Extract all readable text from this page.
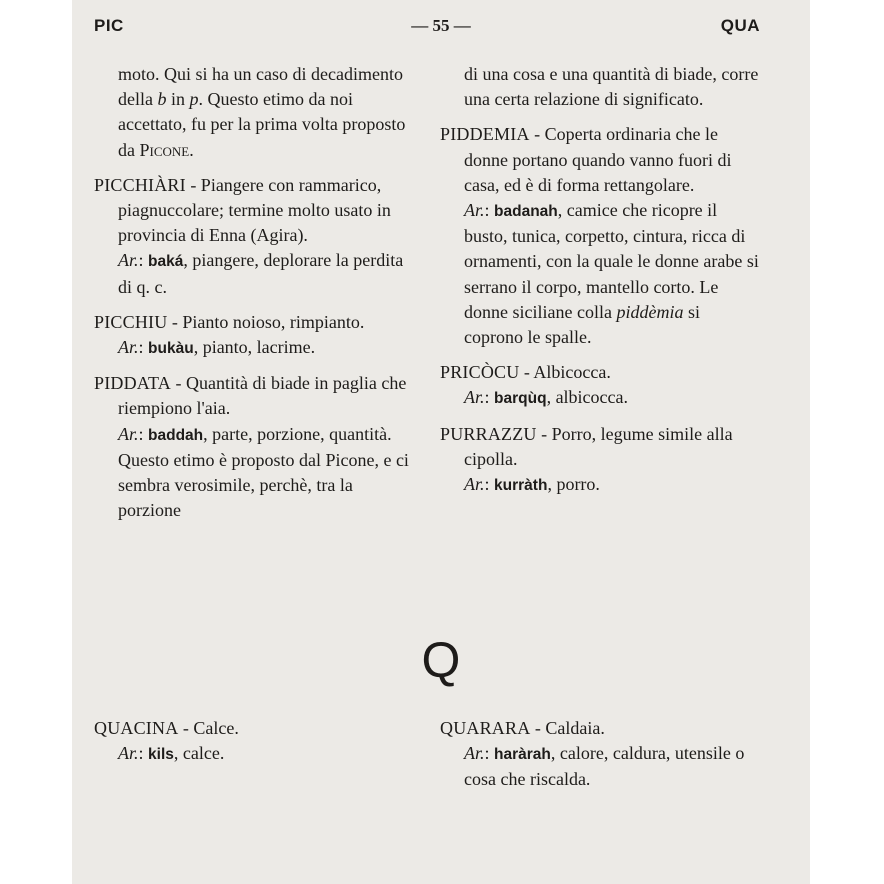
PIC	— 55 —	QUA

moto. Qui si ha un caso di decadimento della b in p. Questo etimo da noi accettato, fu per la prima volta proposto da Picone.

PICCHIÀRI - Piangere con rammarico, piagnuccolare; termine molto usato in provincia di Enna (Agira).

Ar.: baká, piangere, deplorare la perdita di q. c.

PICCHIU - Pianto noioso, rimpianto.

Ar.: bukàu, pianto, lacrime.

PIDDATA - Quantità di biade in paglia che riempiono l'aia.

Ar.: baddah, parte, porzione, quantità. Questo etimo è proposto dal Picone, e ci sembra verosimile, perchè, tra la porzione

di una cosa e una quantità di biade, corre una certa relazione di significato.

PIDDEMIA - Coperta ordinaria che le donne portano quando vanno fuori di casa, ed è di forma rettangolare.

Ar.: badanah, camice che ricopre il busto, tunica, corpetto, cintura, ricca di ornamenti, con la quale le donne arabe si serrano il corpo, mantello corto. Le donne siciliane colla piddèmia si coprono le spalle.

PRICÒCU - Albicocca.

Ar.: barqùq, albicocca.

PURRAZZU - Porro, legume simile alla cipolla.

Ar.: kurràth, porro.

Q

QUACINA - Calce.

Ar.: kils, calce.

QUARARA - Caldaia.

Ar.: haràrah, calore, caldura, utensile o cosa che riscalda.
